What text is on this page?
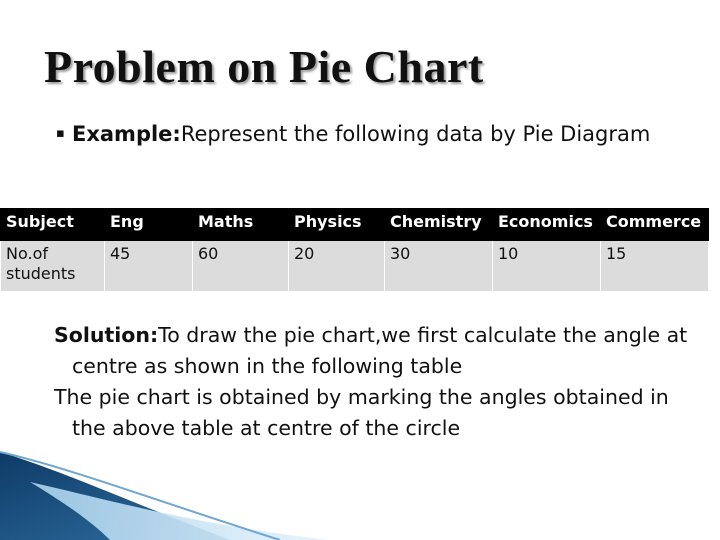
Problem on Pie Chart
▪ Example:Represent the following data by Pie Diagram
Subject	Eng	Maths	Physics	Chemistry	Economics	Commerce
No.of students	45	60	20	30	10	15

Solution:To draw the pie chart,we first calculate the angle at centre as shown in the following table

The pie chart is obtained by marking the angles obtained in the above table at centre of the circle
